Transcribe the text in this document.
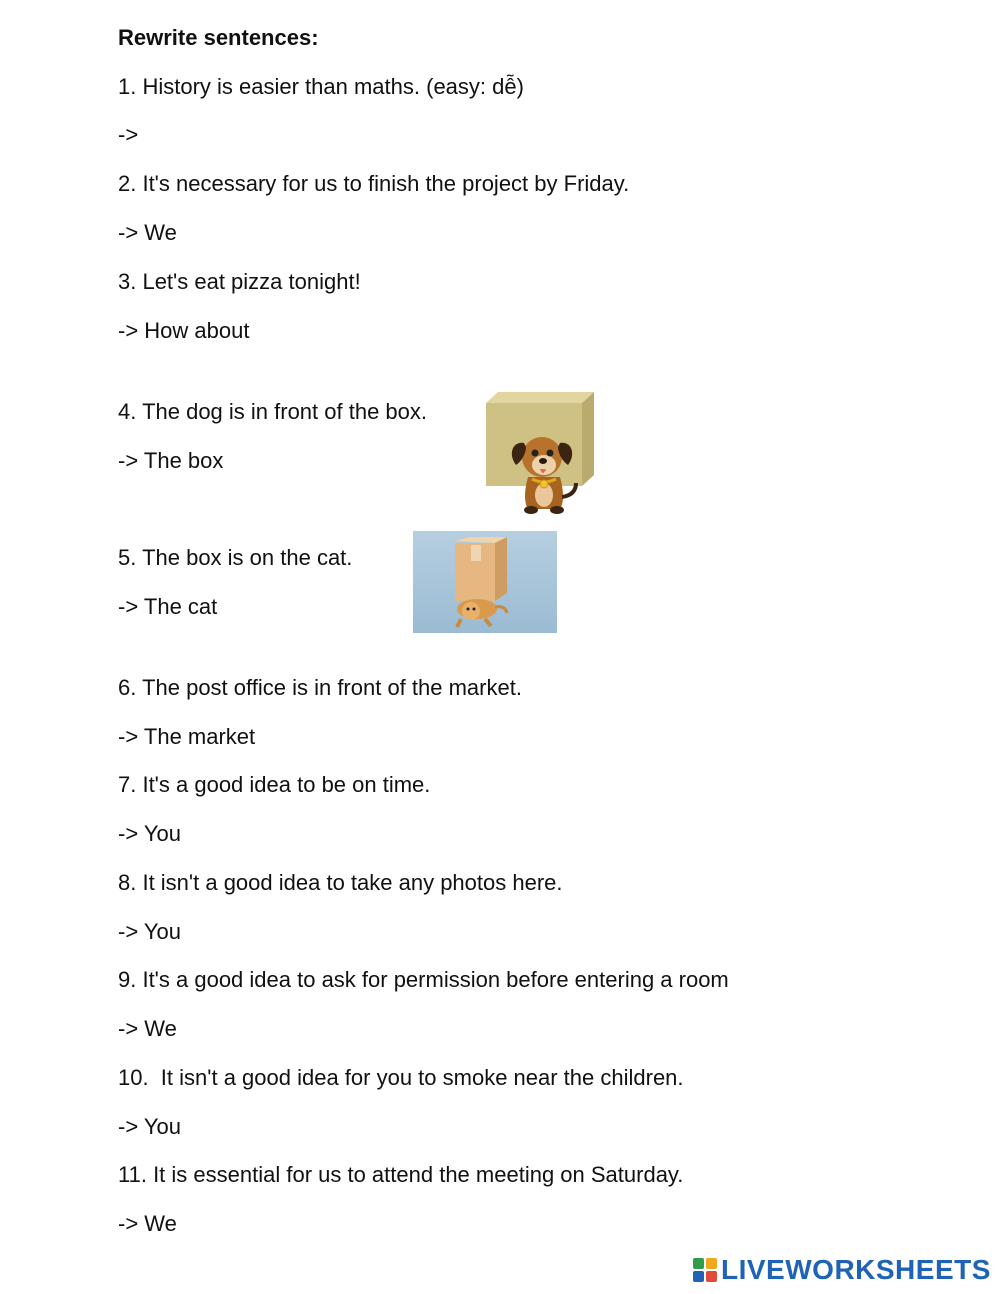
Rewrite sentences:
1. History is easier than maths. (easy: dễ)
->
2. It's necessary for us to finish the project by Friday.
-> We
3. Let's eat pizza tonight!
-> How about
4. The dog is in front of the box.
-> The box
5. The box is on the cat.
-> The cat
6. The post office is in front of the market.
-> The market
7. It's a good idea to be on time.
-> You
8. It isn't a good idea to take any photos here.
-> You
9. It's a good idea to ask for permission before entering a room
-> We
10.  It isn't a good idea for you to smoke near the children.
-> You
11. It is essential for us to attend the meeting on Saturday.
-> We
LIVEWORKSHEETS
